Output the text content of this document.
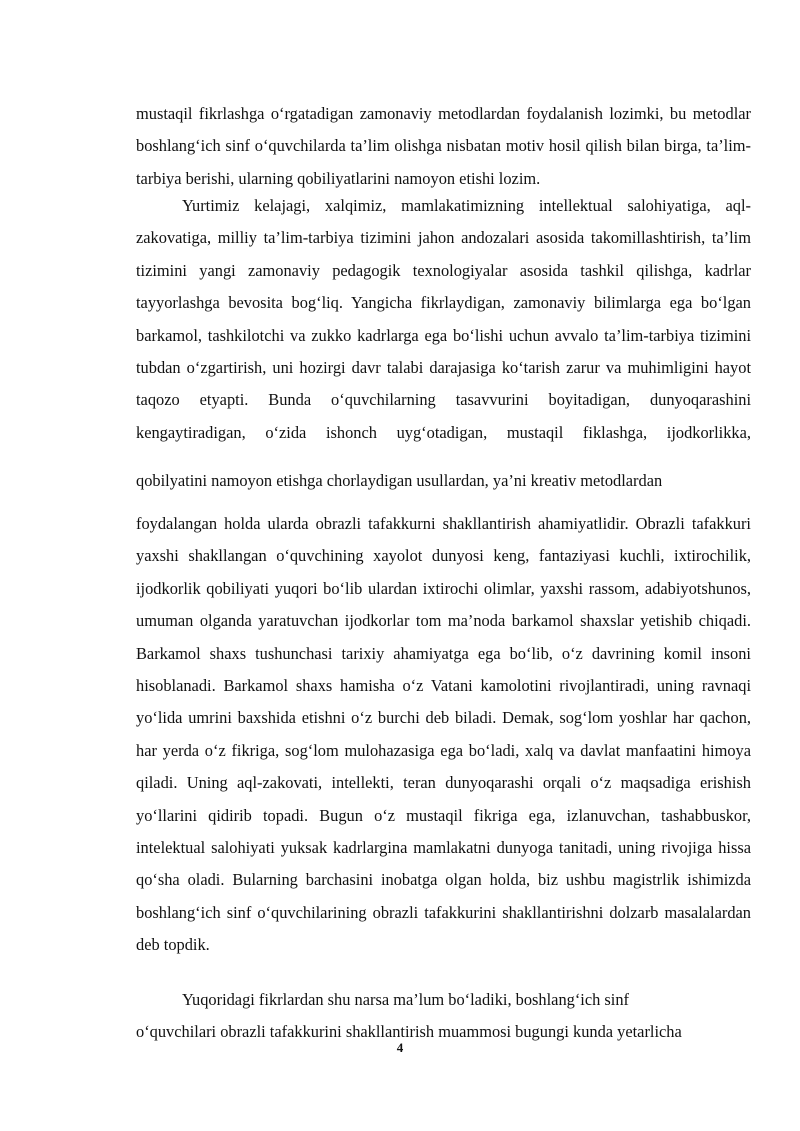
mustaqil fikrlashga o‘rgatadigan zamonaviy metodlardan foydalanish lozimki, bu metodlar boshlang‘ich sinf o‘quvchilarda ta’lim olishga nisbatan motiv hosil qilish bilan birga, ta’lim-tarbiya berishi, ularning qobiliyatlarini namoyon etishi lozim.

Yurtimiz kelajagi, xalqimiz, mamlakatimizning intellektual salohiyatiga, aql-zakovatiga, milliy ta’lim-tarbiya tizimini jahon andozalari asosida takomillashtirish, ta’lim tizimini yangi zamonaviy pedagogik texnologiyalar asosida tashkil qilishga, kadrlar tayyorlashga bevosita bog‘liq. Yangicha fikrlaydigan, zamonaviy bilimlarga ega bo‘lgan barkamol, tashkilotchi va zukko kadrlarga ega bo‘lishi uchun avvalo ta’lim-tarbiya tizimini tubdan o‘zgartirish, uni hozirgi davr talabi darajasiga ko‘tarish zarur va muhimligini hayot taqozo etyapti. Bunda o‘quvchilarning tasavvurini boyitadigan, dunyoqarashini kengaytiradigan, o‘zida ishonch uyg‘otadigan, mustaqil fiklashga, ijodkorlikka,

qobilyatini namoyon etishga chorlaydigan usullardan, ya’ni kreativ metodlardan

foydalangan holda ularda obrazli tafakkurni shakllantirish ahamiyatlidir. Obrazli tafakkuri yaxshi shakllangan o‘quvchining xayolot dunyosi keng, fantaziyasi kuchli, ixtirochilik, ijodkorlik qobiliyati yuqori bo‘lib ulardan ixtirochi olimlar, yaxshi rassom, adabiyotshunos, umuman olganda yaratuvchan ijodkorlar tom ma’noda barkamol shaxslar yetishib chiqadi. Barkamol shaxs tushunchasi tarixiy ahamiyatga ega bo‘lib, o‘z davrining komil insoni hisoblanadi. Barkamol shaxs hamisha o‘z Vatani kamolotini rivojlantiradi, uning ravnaqi yo‘lida umrini baxshida etishni o‘z burchi deb biladi. Demak, sog‘lom yoshlar har qachon, har yerda o‘z fikriga, sog‘lom mulohazasiga ega bo‘ladi, xalq va davlat manfaatini himoya qiladi. Uning aql-zakovati, intellekti, teran dunyoqarashi orqali o‘z maqsadiga erishish yo‘llarini qidirib topadi. Bugun o‘z mustaqil fikriga ega, izlanuvchan, tashabbuskor, intelektual salohiyati yuksak kadrlargina mamlakatni dunyoga tanitadi, uning rivojiga hissa qo‘sha oladi. Bularning barchasini inobatga olgan holda, biz ushbu magistrlik ishimizda boshlang‘ich sinf o‘quvchilarining obrazli tafakkurini shakllantirishni dolzarb masalalardan deb topdik.

Yuqoridagi fikrlardan shu narsa ma’lum bo‘ladiki, boshlang‘ich sinf o‘quvchilari obrazli tafakkurini shakllantirish muammosi bugungi kunda yetarlicha

4
